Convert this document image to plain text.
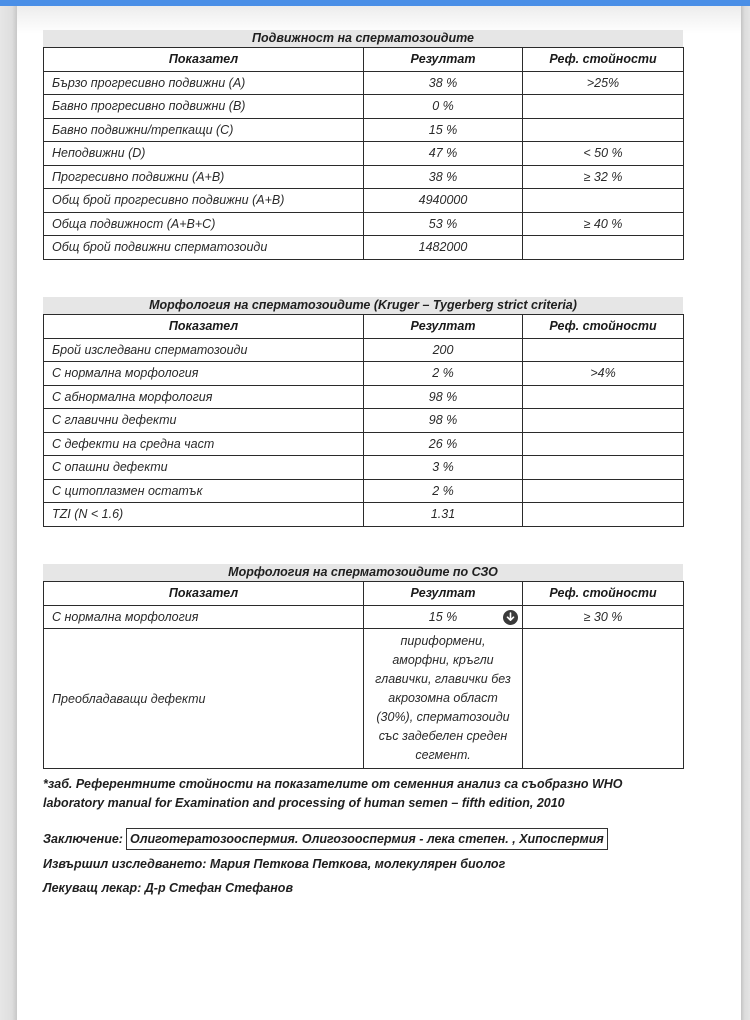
Подвижност на сперматозоидите
Показател	Резултат	Реф. стойности
Бързо прогресивно подвижни (A)	38 %	>25%
Бавно прогресивно подвижни (B)	0 %	
Бавно подвижни/трепкащи (C)	15 %	
Неподвижни (D)	47 %	< 50 %
Прогресивно подвижни (A+B)	38 %	≥ 32 %
Общ брой прогресивно подвижни (A+B)	4940000	
Обща подвижност (A+B+C)	53 %	≥ 40 %
Общ брой подвижни сперматозоиди	1482000	
Морфология на сперматозоидите (Kruger – Tygerberg strict criteria)
Показател	Резултат	Реф. стойности
Брой изследвани сперматозоиди	200	
С нормална морфология	2 %	>4%
С абнормална морфология	98 %	
С главични дефекти	98 %	
С дефекти на средна част	26 %	
С опашни дефекти	3 %	
С цитоплазмен остатък	2 %	
TZI (N < 1.6)	1.31	
Морфология на сперматозоидите по СЗО
Показател	Резултат	Реф. стойности
С нормална морфология	15 %	≥ 30 %
Преобладаващи дефекти	пириформени, аморфни, кръгли главички, главички без акрозомна област (30%), сперматозоиди със задебелен среден сегмент.	
*заб. Референтните стойности на показателите от семенния анализ са съобразно WHO laboratory manual for Examination and processing of human semen – fifth edition, 2010
Заключение: Олиготератозооспермия. Олигозооспермия - лека степен. , Хипоспермия
Извършил изследването: Мария Петкова Петкова, молекулярен биолог
Лекуващ лекар: Д-р Стефан Стефанов
